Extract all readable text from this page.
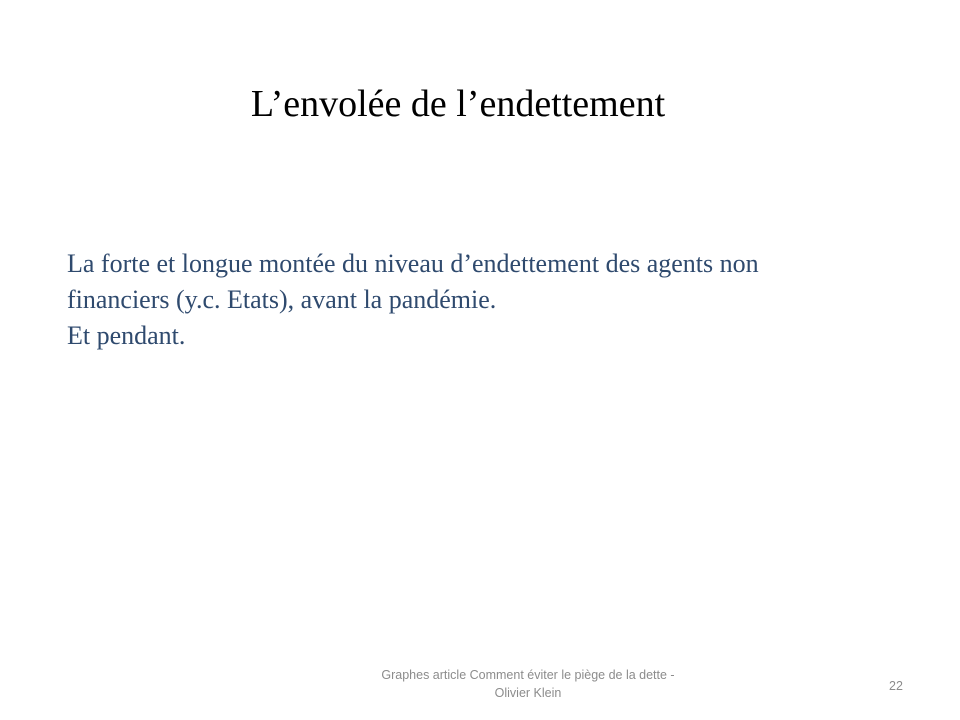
L’envolée de l’endettement
La forte et longue montée du niveau d’endettement des agents non
financiers (y.c. Etats), avant la pandémie.
Et pendant.
Graphes article Comment éviter le piège de la dette -
Olivier Klein	22
